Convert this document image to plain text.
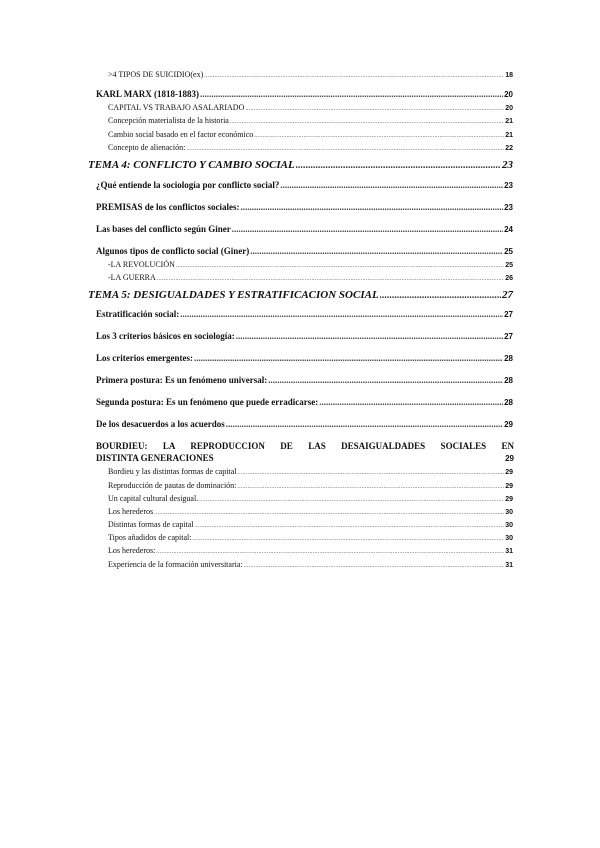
>4 TIPOS DE SUICIDIO(ex) .....	18
KARL MARX (1818-1883) .....	20
CAPITAL VS TRABAJO ASALARIADO .....	20
Concepción materialista de la historia .....	21
Cambio social basado en el factor económico .....	21
Concepto de alienación: .....	22
TEMA 4: CONFLICTO Y CAMBIO SOCIAL .....	23
¿Qué entiende la sociología por conflicto social? .....	23
PREMISAS de los conflictos sociales: .....	23
Las bases del conflicto según Giner .....	24
Algunos tipos de conflicto social (Giner) .....	25
-LA REVOLUCIÓN .....	25
-LA GUERRA .....	26
TEMA 5: DESIGUALDADES Y ESTRATIFICACION SOCIAL .....	27
Estratificación social: .....	27
Los 3 criterios básicos en sociología: .....	27
Los criterios emergentes: .....	28
Primera postura: Es un fenómeno universal: .....	28
Segunda postura: Es un fenómeno que puede erradicarse: .....	28
De los desacuerdos a los acuerdos .....	29
BOURDIEU: LA REPRODUCCION DE LAS DESAIGUALDADES SOCIALES EN
DISTINTA GENERACIONES	29
Bordieu y las distintas formas de capital .....	29
Reproducción de pautas de dominación: .....	29
Un capital cultural desigual. .....	29
Los herederos .....	30
Distintas formas de capital .....	30
Tipos añadidos de capital: .....	30
Los herederos: .....	31
Experiencia de la formación universitaria: .....	31
